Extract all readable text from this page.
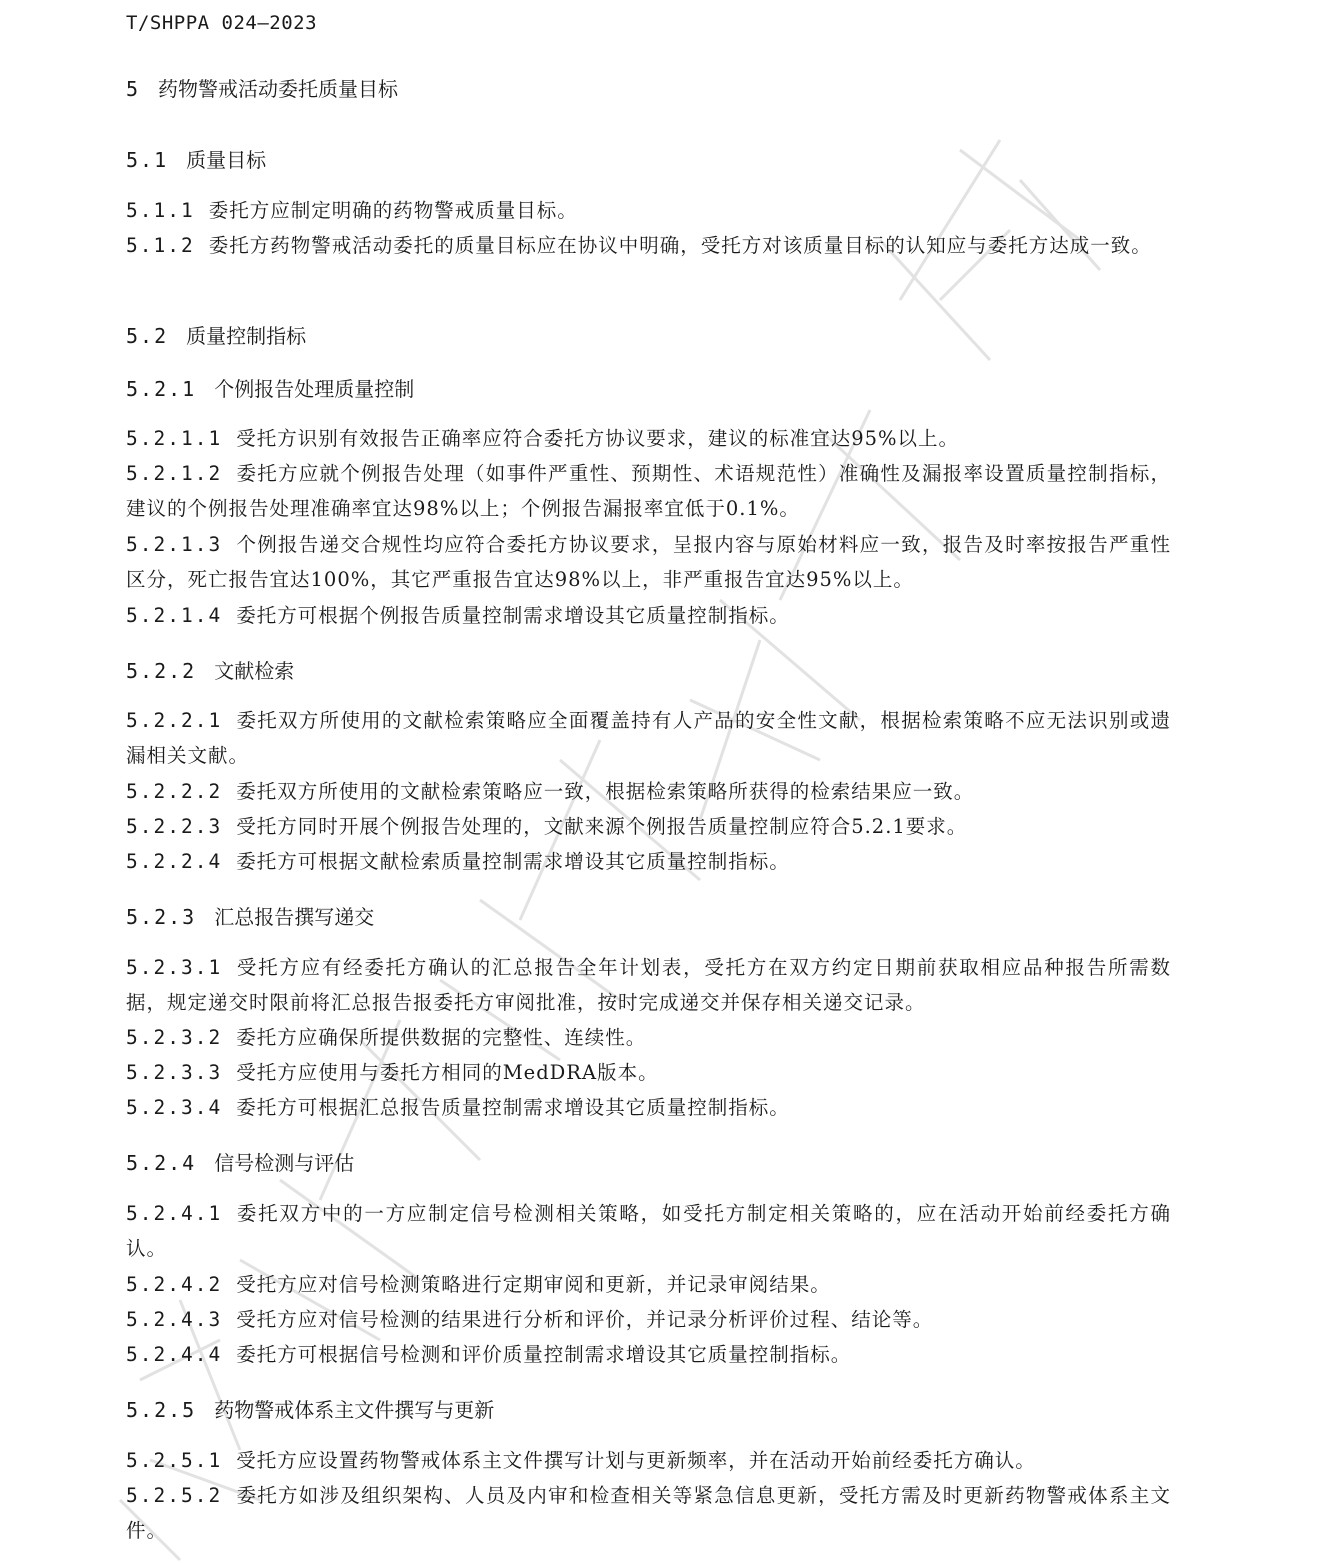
T/SHPPA 024—2023
5 药物警戒活动委托质量目标
5.1 质量目标
5.1.1 委托方应制定明确的药物警戒质量目标。
5.1.2 委托方药物警戒活动委托的质量目标应在协议中明确，受托方对该质量目标的认知应与委托方达成一致。
5.2 质量控制指标
5.2.1 个例报告处理质量控制
5.2.1.1 受托方识别有效报告正确率应符合委托方协议要求，建议的标准宜达95%以上。
5.2.1.2 委托方应就个例报告处理（如事件严重性、预期性、术语规范性）准确性及漏报率设置质量控制指标，建议的个例报告处理准确率宜达98%以上；个例报告漏报率宜低于0.1%。
5.2.1.3 个例报告递交合规性均应符合委托方协议要求，呈报内容与原始材料应一致，报告及时率按报告严重性区分，死亡报告宜达100%，其它严重报告宜达98%以上，非严重报告宜达95%以上。
5.2.1.4 委托方可根据个例报告质量控制需求增设其它质量控制指标。
5.2.2 文献检索
5.2.2.1 委托双方所使用的文献检索策略应全面覆盖持有人产品的安全性文献，根据检索策略不应无法识别或遗漏相关文献。
5.2.2.2 委托双方所使用的文献检索策略应一致，根据检索策略所获得的检索结果应一致。
5.2.2.3 受托方同时开展个例报告处理的，文献来源个例报告质量控制应符合5.2.1要求。
5.2.2.4 委托方可根据文献检索质量控制需求增设其它质量控制指标。
5.2.3 汇总报告撰写递交
5.2.3.1 受托方应有经委托方确认的汇总报告全年计划表，受托方在双方约定日期前获取相应品种报告所需数据，规定递交时限前将汇总报告报委托方审阅批准，按时完成递交并保存相关递交记录。
5.2.3.2 委托方应确保所提供数据的完整性、连续性。
5.2.3.3 受托方应使用与委托方相同的MedDRA版本。
5.2.3.4 委托方可根据汇总报告质量控制需求增设其它质量控制指标。
5.2.4 信号检测与评估
5.2.4.1 委托双方中的一方应制定信号检测相关策略，如受托方制定相关策略的，应在活动开始前经委托方确认。
5.2.4.2 受托方应对信号检测策略进行定期审阅和更新，并记录审阅结果。
5.2.4.3 受托方应对信号检测的结果进行分析和评价，并记录分析评价过程、结论等。
5.2.4.4 委托方可根据信号检测和评价质量控制需求增设其它质量控制指标。
5.2.5 药物警戒体系主文件撰写与更新
5.2.5.1 受托方应设置药物警戒体系主文件撰写计划与更新频率，并在活动开始前经委托方确认。
5.2.5.2 委托方如涉及组织架构、人员及内审和检查相关等紧急信息更新，受托方需及时更新药物警戒体系主文件。
